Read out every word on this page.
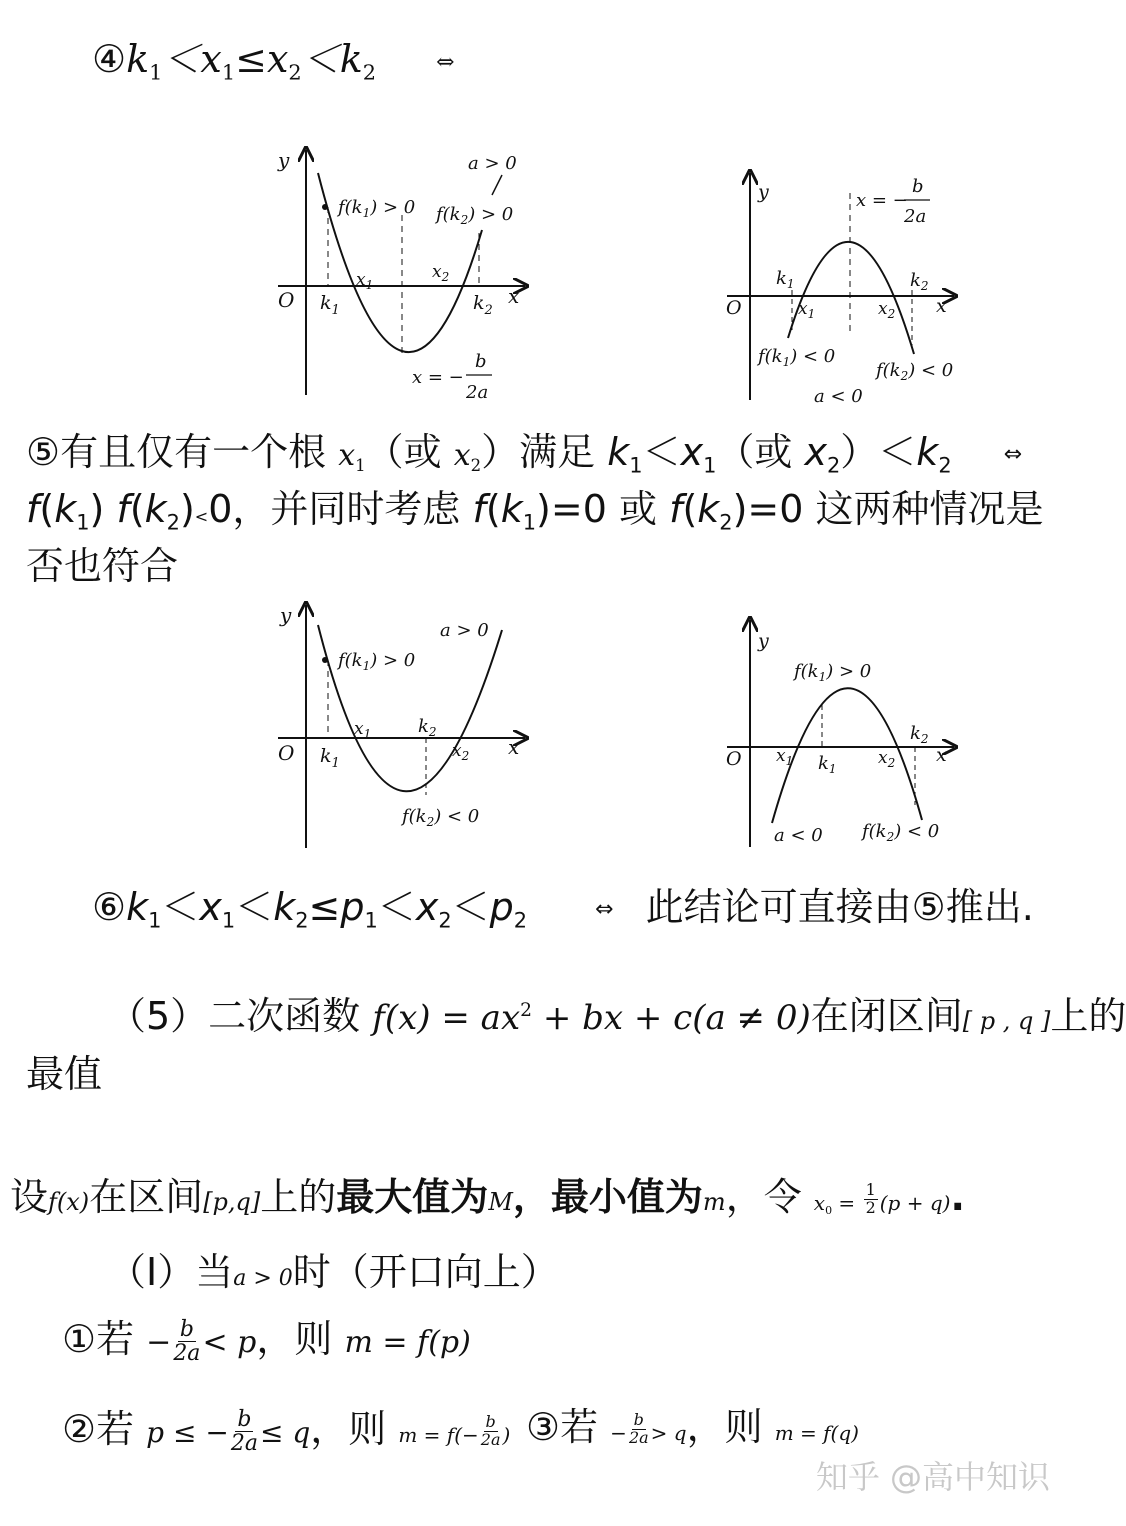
$④k_1<x_1\le x_2<k_2$	⇔
y
O	x
$k_1$
$x_1$
$x_2$
$k_2$
$f(k_1) > 0$ $f(k_2) > 0$
a > 0
x = −
b
2a
y
O	x
$k_1$
$x_1$	$x_2$
$k_2$
x = −
b
2a
$f(k_1) < 0$
$f(k_2) < 0$
a < 0
⑤有且仅有一个根 $x_1$（或 $x_2$）满足 $k_1<x_1$（或 $x_2)<k_2$ ⇔
$f(k_1)$ $f(k_2)<0$，并同时考虑 $f(k_1)=0$ 或 $f(k_2)=0$ 这两种情况是
否也符合
y
O	x
$k_1$
$x_1$	$k_2$
$x_2$
$f(k_1) > 0$
a > 0
$f(k_2) < 0$
y
O	x
$x_1$ $k_1$
$x_2$
$k_2$
$f(k_1) > 0$
a < 0 $f(k_2) < 0$
$⑥k_1<x_1<k_2\le p_1<x_2<p_2$	⇔ 此结论可直接由⑤推出.
（5）二次函数 $f(x) = ax^2$ + bx + c(a ≠ 0)在闭区间[ p , q ]上的
最值
设f(x)在区间[p,q]上的最大值为M，最小值为m，令 $x_0 = \frac{1}{2} (p + q)$.
（Ⅰ）当a > 0时（开口向上）
①若 − $\frac{b}{2a} < p$，则 m = f(p)
②若 p ≤ − $\frac{b}{2a} \le q$，则 $m = f(- \frac{b}{2a}$ ) ③若 − $\frac{b}{2a} > q$，则 m = f(q)
知乎 @高中知识
